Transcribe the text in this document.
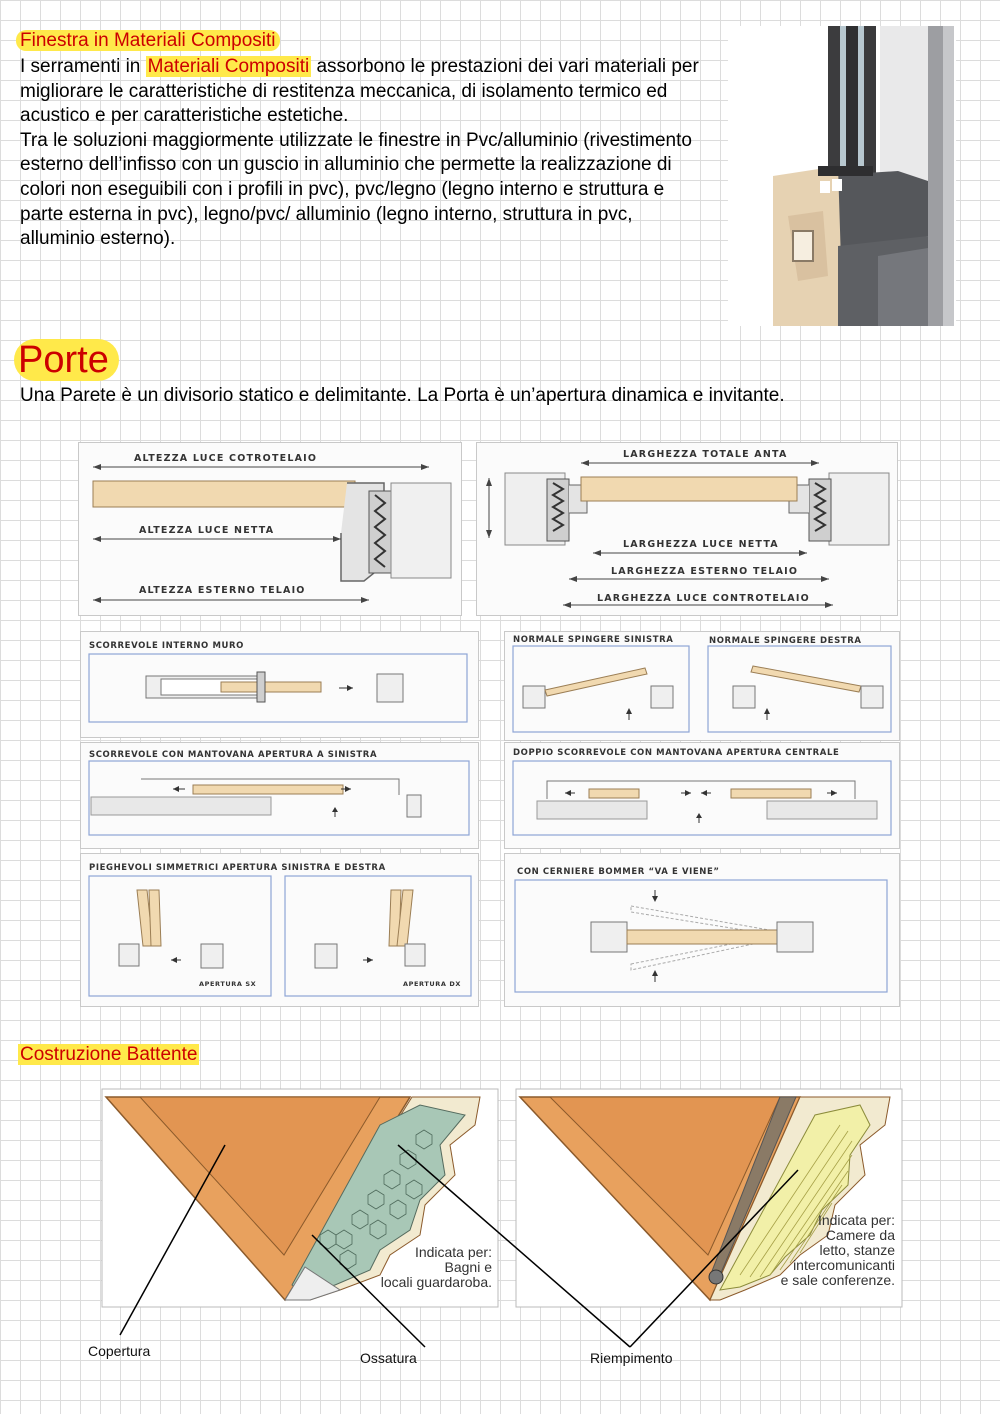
Finestra in Materiali Compositi
I serramenti in Materiali Compositi assorbono le prestazioni dei vari materiali per migliorare le caratteristiche di restitenza meccanica, di isolamento termico ed acustico e per caratteristiche estetiche.
Tra le soluzioni maggiormente utilizzate le finestre in Pvc/alluminio (rivestimento esterno dell’infisso con un guscio in alluminio che permette la realizzazione di colori non eseguibili con i profili in pvc), pvc/legno (legno interno e struttura e parte esterna in pvc), legno/pvc/ alluminio (legno interno, struttura in pvc, alluminio esterno).
Porte
Una Parete è un divisorio statico e delimitante. La Porta è un’apertura dinamica e invitante.
ALTEZZA LUCE COTROTELAIO
ALTEZZA LUCE NETTA
ALTEZZA ESTERNO TELAIO
LARGHEZZA TOTALE ANTA
LARGHEZZA LUCE NETTA
LARGHEZZA ESTERNO TELAIO
LARGHEZZA LUCE CONTROTELAIO
SCORREVOLE INTERNO MURO
NORMALE SPINGERE SINISTRA	NORMALE SPINGERE DESTRA
SCORREVOLE CON MANTOVANA APERTURA A SINISTRA	DOPPIO SCORREVOLE CON MANTOVANA APERTURA CENTRALE
PIEGHEVOLI SIMMETRICI APERTURA SINISTRA E DESTRA
APERTURA SX	APERTURA DX
CON CERNIERE BOMMER “VA E VIENE”
Costruzione Battente
Indicata per:
Bagni e
locali guardaroba.
Indicata per:
Camere da
letto, stanze
intercomunicanti
e sale conferenze.
Copertura	Ossatura	Riempimento
